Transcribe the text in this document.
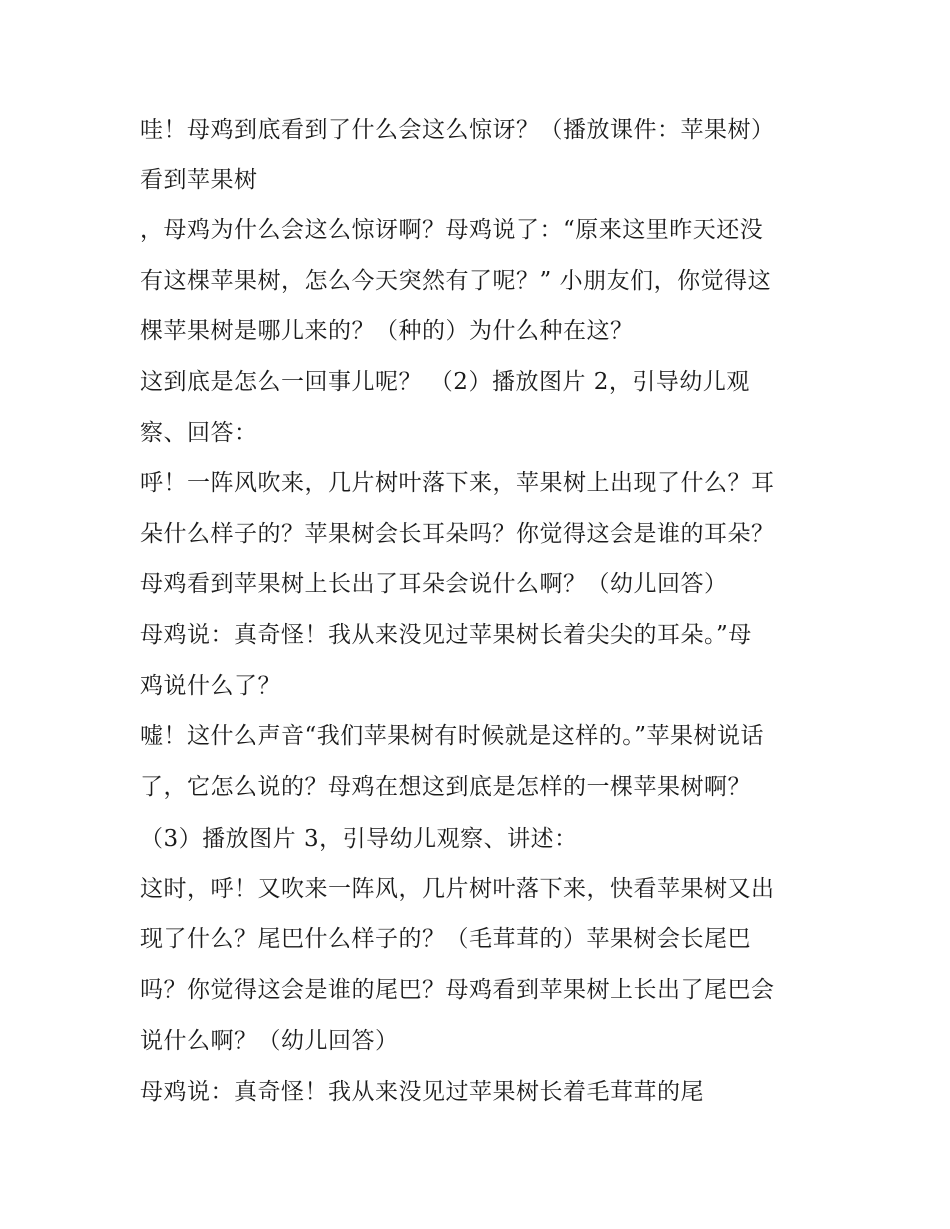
哇！母鸡到底看到了什么会这么惊讶？（播放课件：苹果树）
看到苹果树
，母鸡为什么会这么惊讶啊？母鸡说了：“原来这里昨天还没
有这棵苹果树，怎么今天突然有了呢？” 小朋友们，你觉得这
棵苹果树是哪儿来的？（种的）为什么种在这？
这到底是怎么一回事儿呢？ （2）播放图片 2，引导幼儿观
察、回答：
呼！一阵风吹来，几片树叶落下来，苹果树上出现了什么？耳
朵什么样子的？苹果树会长耳朵吗？你觉得这会是谁的耳朵？
母鸡看到苹果树上长出了耳朵会说什么啊？（幼儿回答）
母鸡说：真奇怪！我从来没见过苹果树长着尖尖的耳朵。”母
鸡说什么了？
嘘！这什么声音“我们苹果树有时候就是这样的。”苹果树说话
了，它怎么说的？母鸡在想这到底是怎样的一棵苹果树啊？
（3）播放图片 3，引导幼儿观察、讲述：
这时，呼！又吹来一阵风，几片树叶落下来，快看苹果树又出
现了什么？尾巴什么样子的？（毛茸茸的）苹果树会长尾巴
吗？你觉得这会是谁的尾巴？母鸡看到苹果树上长出了尾巴会
说什么啊？（幼儿回答）
母鸡说：真奇怪！我从来没见过苹果树长着毛茸茸的尾
